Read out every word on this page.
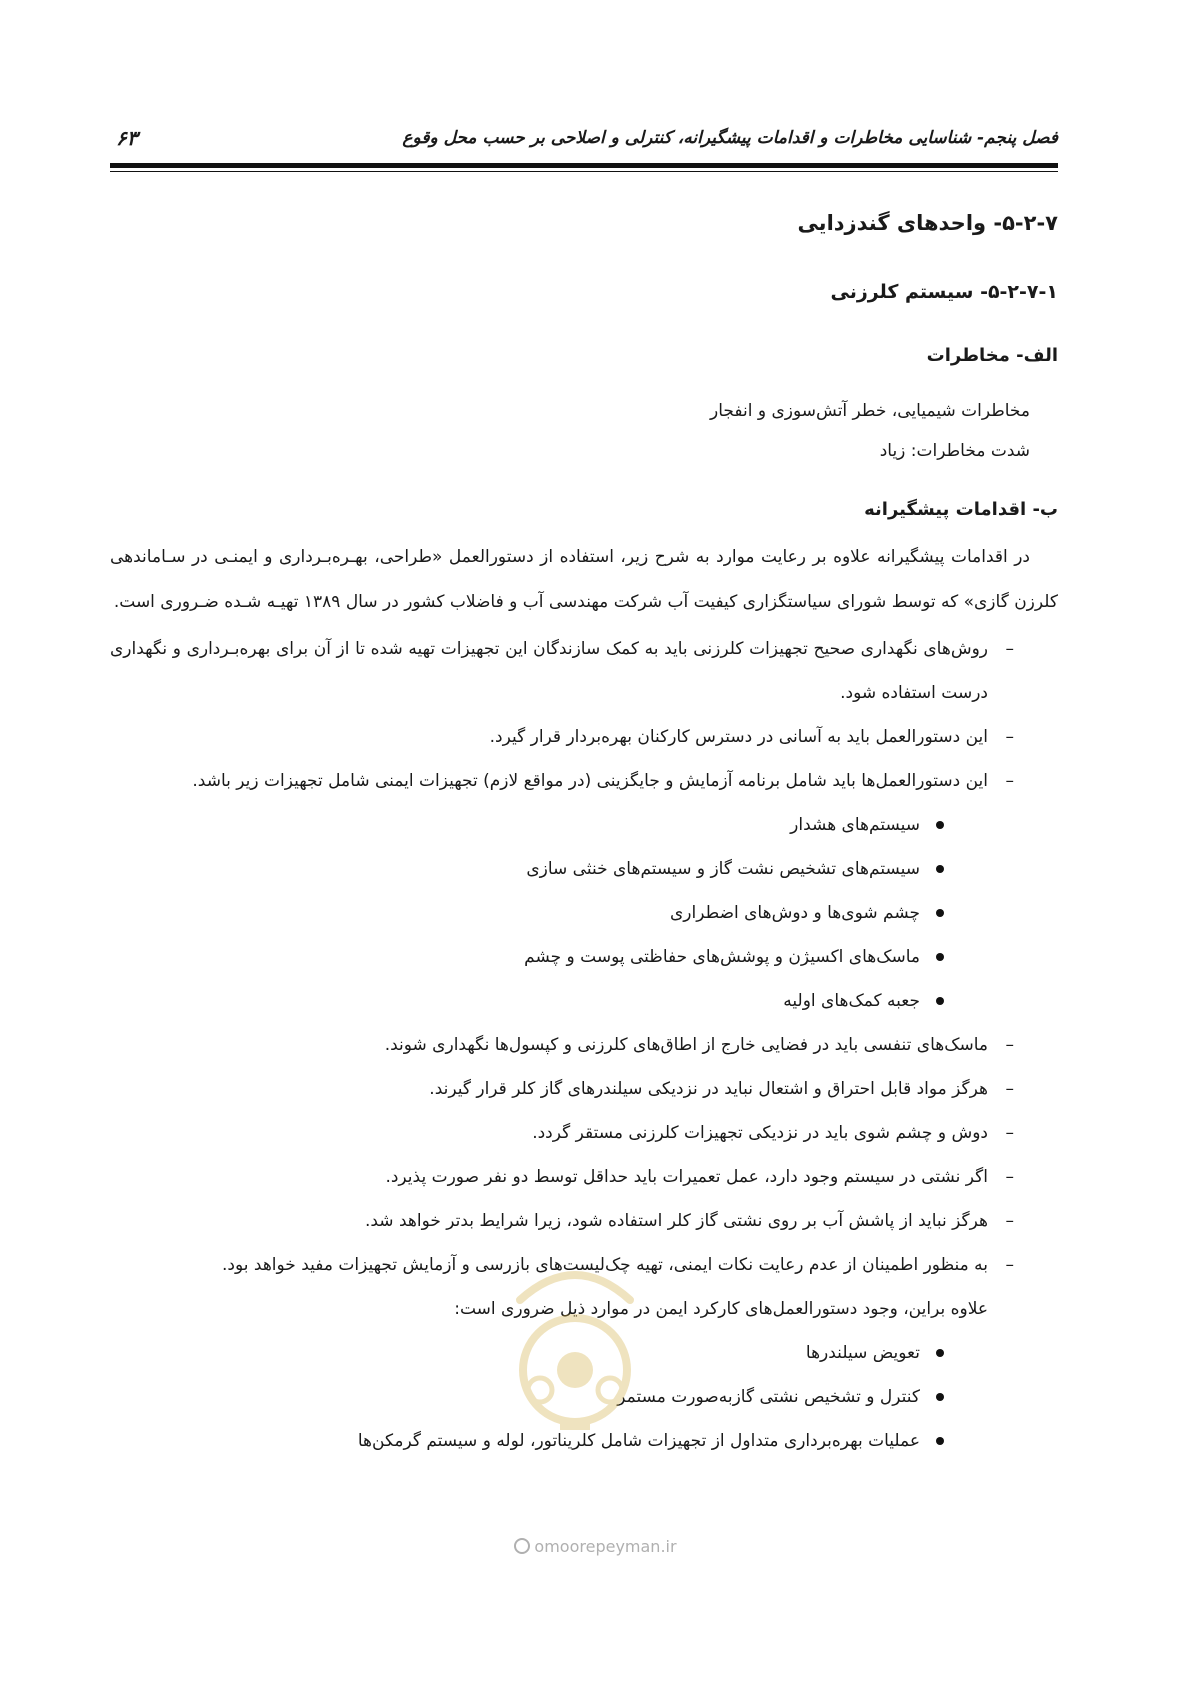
فصل پنجم- شناسایی مخاطرات و اقدامات پیشگیرانه، کنترلی و اصلاحی بر حسب محل وقوع
۶۳
۵-۲-۷- واحدهای گندزدایی
۵-۲-۷-۱- سیستم کلرزنی
الف- مخاطرات

مخاطرات شیمیایی، خطر آتش‌سوزی و انفجار

شدت مخاطرات: زیاد

ب- اقدامات پیشگیرانه

در اقدامات پیشگیرانه علاوه بر رعایت موارد به شرح زیر، استفاده از دستورالعمل «طراحی، بهـره‌بـرداری و ایمنـی در سـاماندهی کلرزن گازی» که توسط شورای سیاستگزاری کیفیت آب شرکت مهندسی آب و فاضلاب کشور در سال ۱۳۸۹ تهیـه شـده ضـروری است.

–
روش‌های نگهداری صحیح تجهیزات کلرزنی باید به کمک سازندگان این تجهیزات تهیه شده تا از آن برای بهره‌بـرداری و نگهداری درست استفاده شود.
–
این دستورالعمل باید به آسانی در دسترس کارکنان بهره‌بردار قرار گیرد.
–
این دستورالعمل‌ها باید شامل برنامه آزمایش و جایگزینی (در مواقع لازم) تجهیزات ایمنی شامل تجهیزات زیر باشد.
سیستم‌های هشدار
سیستم‌های تشخیص نشت گاز و سیستم‌های خنثی سازی
چشم شوی‌ها و دوش‌های اضطراری
ماسک‌های اکسیژن و پوشش‌های حفاظتی پوست و چشم
جعبه کمک‌های اولیه
–
ماسک‌های تنفسی باید در فضایی خارج از اطاق‌های کلرزنی و کپسول‌ها نگهداری شوند.
–
هرگز مواد قابل احتراق و اشتعال نباید در نزدیکی سیلندرهای گاز کلر قرار گیرند.
–
دوش و چشم شوی باید در نزدیکی تجهیزات کلرزنی مستقر گردد.
–
اگر نشتی در سیستم وجود دارد، عمل تعمیرات باید حداقل توسط دو نفر صورت پذیرد.
–
هرگز نباید از پاشش آب بر روی نشتی گاز کلر استفاده شود، زیرا شرایط بدتر خواهد شد.
–
به منظور اطمینان از عدم رعایت نکات ایمنی، تهیه چک‌لیست‌های بازرسی و آزمایش تجهیزات مفید خواهد بود.
علاوه براین، وجود دستورالعمل‌های کارکرد ایمن در موارد ذیل ضروری است:
تعویض سیلندرها
کنترل و تشخیص نشتی گازبه‌صورت مستمر
عملیات بهره‌برداری متداول از تجهیزات شامل کلریناتور، لوله و سیستم گرمکن‌ها
omoorepeyman.ir
